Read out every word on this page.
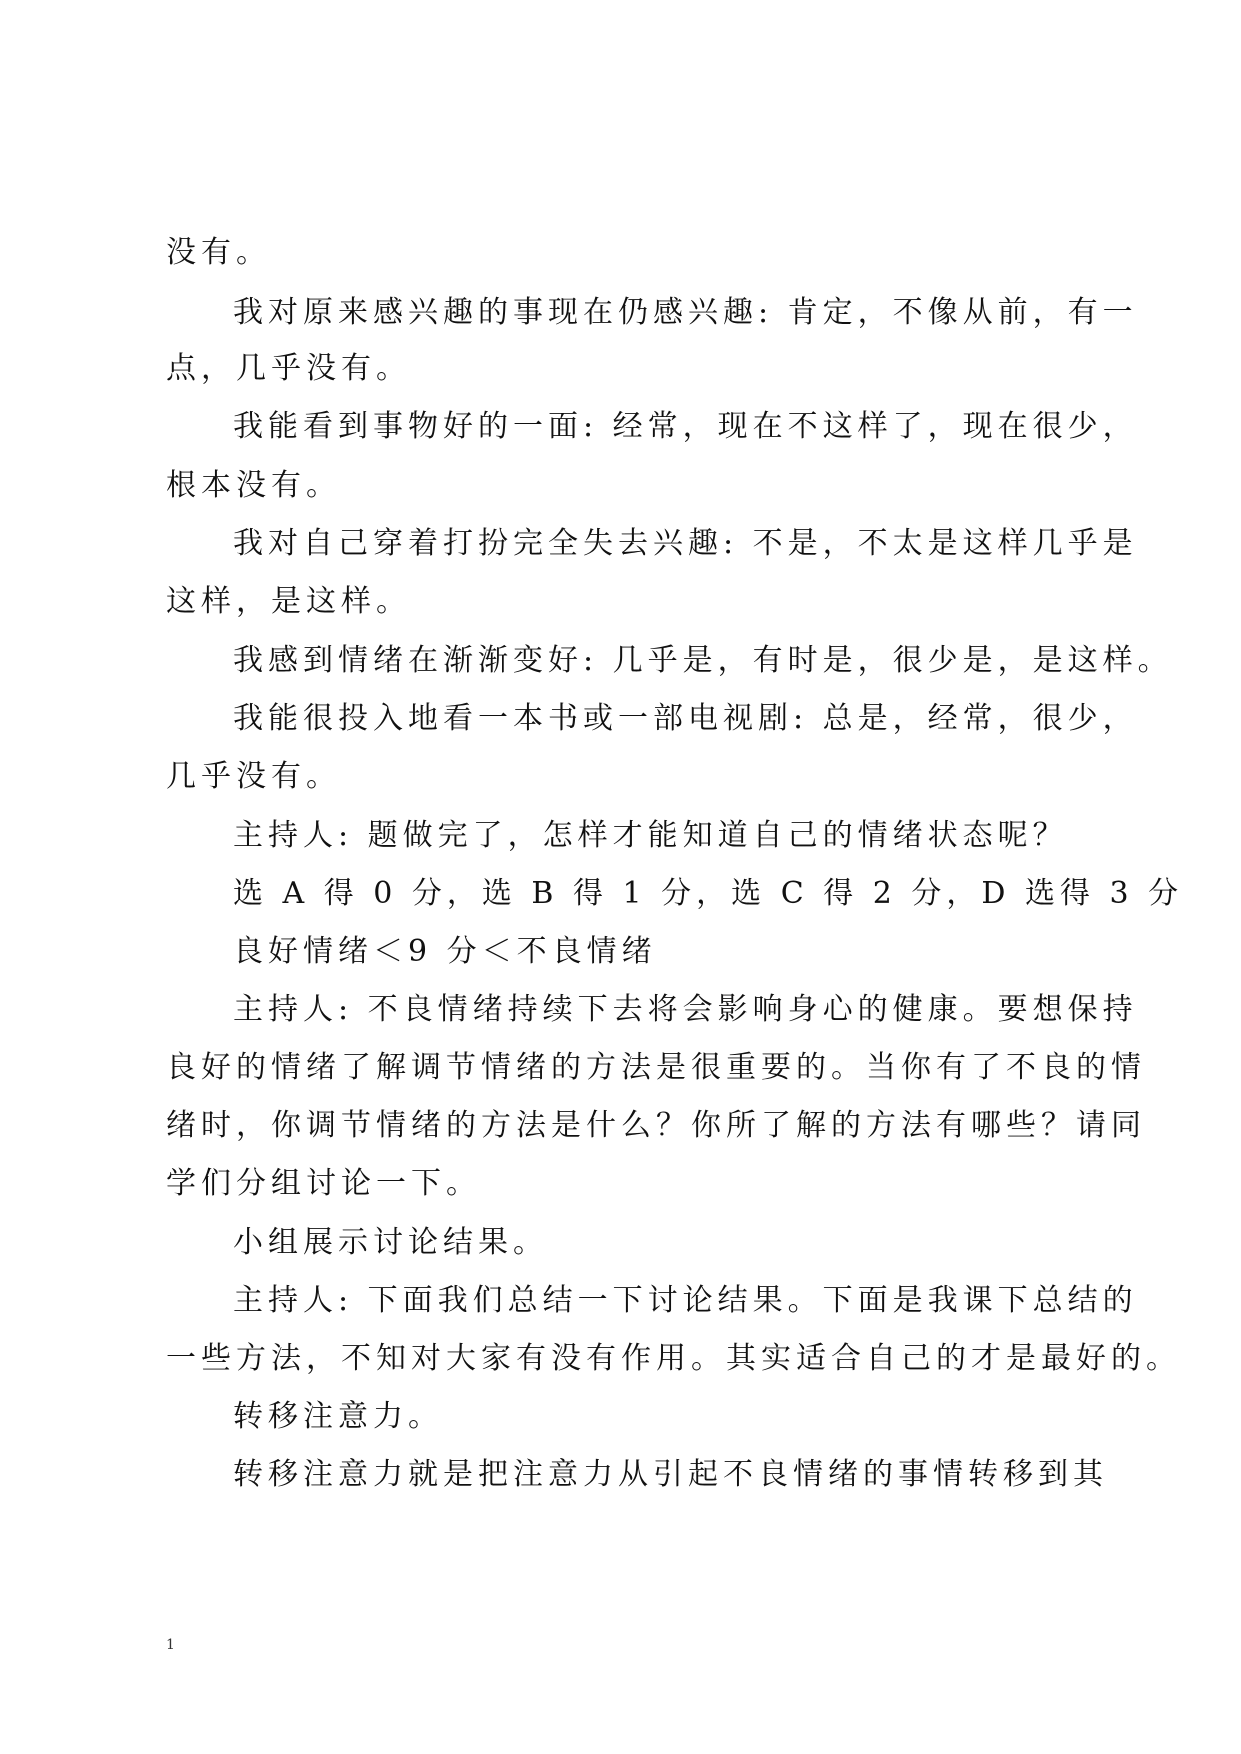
没有。
我对原来感兴趣的事现在仍感兴趣: 肯定，不像从前，有一
点，几乎没有。
我能看到事物好的一面: 经常，现在不这样了，现在很少，
根本没有。
我对自己穿着打扮完全失去兴趣: 不是，不太是这样几乎是
这样，是这样。
我感到情绪在渐渐变好: 几乎是，有时是，很少是，是这样。
我能很投入地看一本书或一部电视剧: 总是，经常，很少，
几乎没有。
主持人: 题做完了，怎样才能知道自己的情绪状态呢？
选 A 得 0 分，选 B 得 1 分，选 C 得 2 分，D 选得 3 分
良好情绪＜9 分＜不良情绪
主持人: 不良情绪持续下去将会影响身心的健康。要想保持
良好的情绪了解调节情绪的方法是很重要的。当你有了不良的情
绪时，你调节情绪的方法是什么？你所了解的方法有哪些？请同
学们分组讨论一下。
小组展示讨论结果。
主持人: 下面我们总结一下讨论结果。下面是我课下总结的
一些方法，不知对大家有没有作用。其实适合自己的才是最好的。
转移注意力。
转移注意力就是把注意力从引起不良情绪的事情转移到其
1
